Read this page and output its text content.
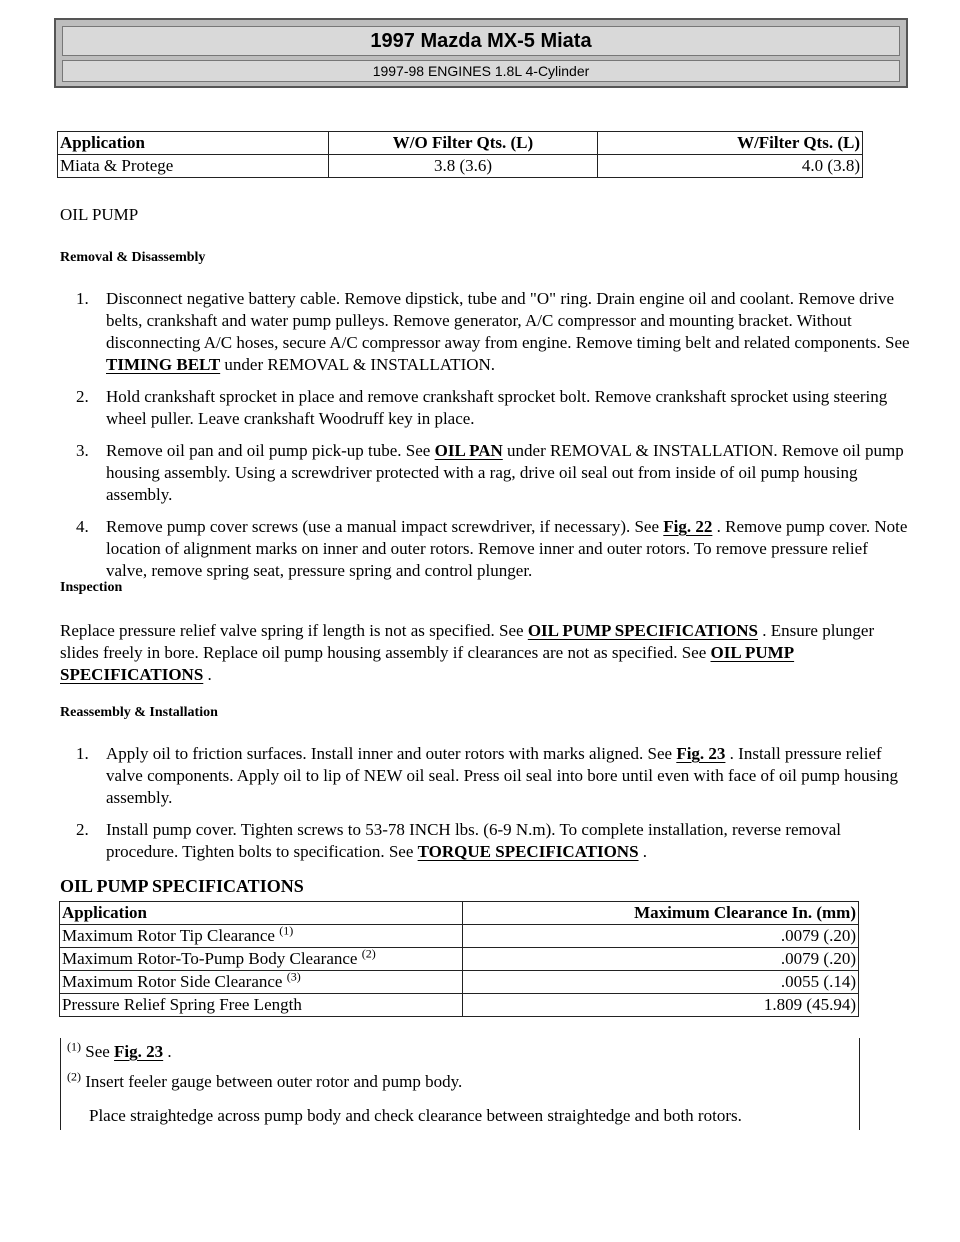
1997 Mazda MX-5 Miata
1997-98 ENGINES 1.8L 4-Cylinder
Application	W/O Filter Qts. (L)	W/Filter Qts. (L)
Miata & Protege	3.8 (3.6)	4.0 (3.8)
OIL PUMP
Removal & Disassembly
1. Disconnect negative battery cable. Remove dipstick, tube and "O" ring. Drain engine oil and coolant. Remove drive belts, crankshaft and water pump pulleys. Remove generator, A/C compressor and mounting bracket. Without disconnecting A/C hoses, secure A/C compressor away from engine. Remove timing belt and related components. See TIMING BELT under REMOVAL & INSTALLATION.
2. Hold crankshaft sprocket in place and remove crankshaft sprocket bolt. Remove crankshaft sprocket using steering wheel puller. Leave crankshaft Woodruff key in place.
3. Remove oil pan and oil pump pick-up tube. See OIL PAN under REMOVAL & INSTALLATION. Remove oil pump housing assembly. Using a screwdriver protected with a rag, drive oil seal out from inside of oil pump housing assembly.
4. Remove pump cover screws (use a manual impact screwdriver, if necessary). See Fig. 22 . Remove pump cover. Note location of alignment marks on inner and outer rotors. Remove inner and outer rotors. To remove pressure relief valve, remove spring seat, pressure spring and control plunger.
Inspection
Replace pressure relief valve spring if length is not as specified. See OIL PUMP SPECIFICATIONS . Ensure plunger slides freely in bore. Replace oil pump housing assembly if clearances are not as specified. See OIL PUMP SPECIFICATIONS .
Reassembly & Installation
1. Apply oil to friction surfaces. Install inner and outer rotors with marks aligned. See Fig. 23 . Install pressure relief valve components. Apply oil to lip of NEW oil seal. Press oil seal into bore until even with face of oil pump housing assembly.
2. Install pump cover. Tighten screws to 53-78 INCH lbs. (6-9 N.m). To complete installation, reverse removal procedure. Tighten bolts to specification. See TORQUE SPECIFICATIONS .
OIL PUMP SPECIFICATIONS
Application	Maximum Clearance In. (mm)
Maximum Rotor Tip Clearance $^{(1)}$	.0079 (.20)
Maximum Rotor-To-Pump Body Clearance $^{(2)}$	.0079 (.20)
Maximum Rotor Side Clearance $^{(3)}$	.0055 (.14)
Pressure Relief Spring Free Length	1.809 (45.94)
$^{(1)}$ See Fig. 23 .
$^{(2)}$ Insert feeler gauge between outer rotor and pump body.
Place straightedge across pump body and check clearance between straightedge and both rotors.
